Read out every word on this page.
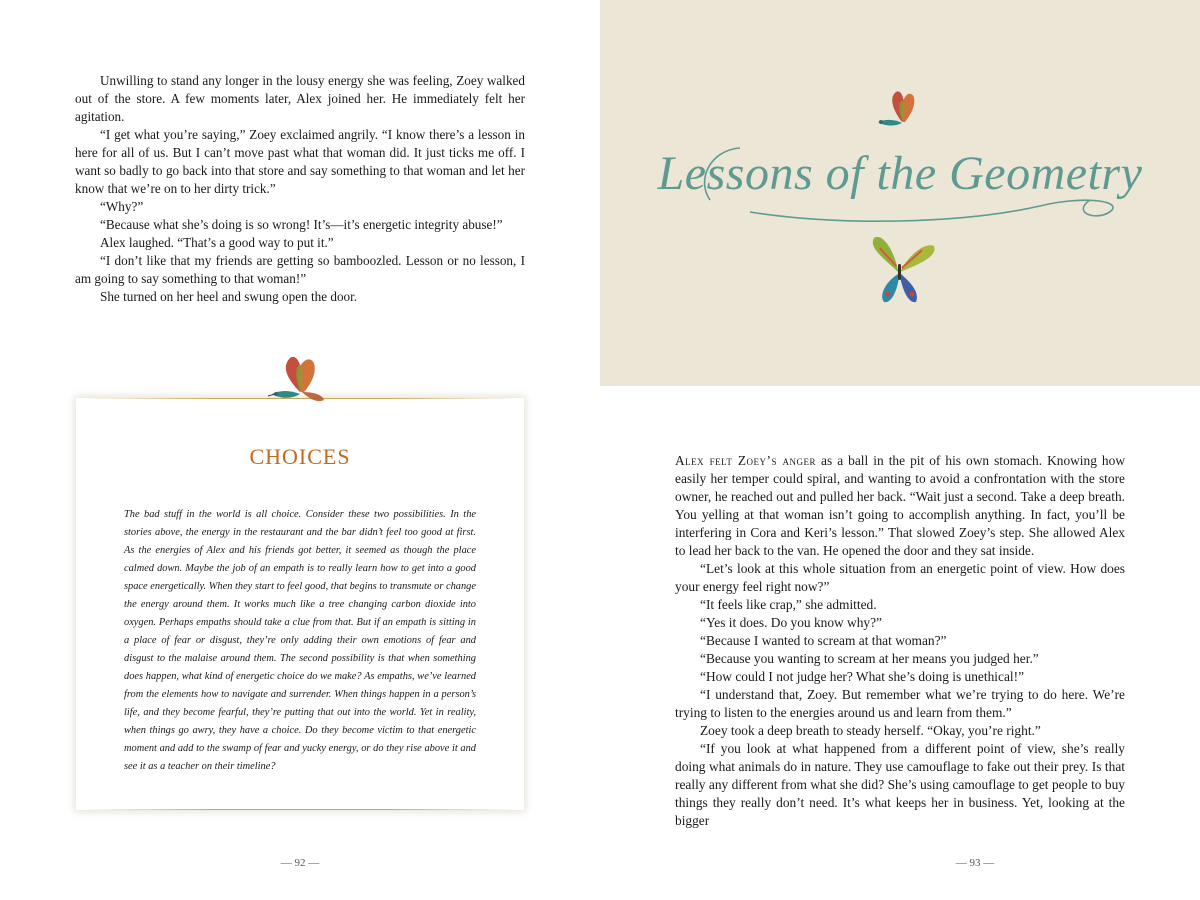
Unwilling to stand any longer in the lousy energy she was feeling, Zoey walked out of the store. A few moments later, Alex joined her. He immediately felt her agitation.

“I get what you’re saying,” Zoey exclaimed angrily. “I know there’s a lesson in here for all of us. But I can’t move past what that woman did. It just ticks me off. I want so badly to go back into that store and say something to that woman and let her know that we’re on to her dirty trick.”

“Why?”

“Because what she’s doing is so wrong! It’s—it’s energetic integrity abuse!”

Alex laughed. “That’s a good way to put it.”

“I don’t like that my friends are getting so bamboozled. Lesson or no lesson, I am going to say something to that woman!”

She turned on her heel and swung open the door.

CHOICES
The bad stuff in the world is all choice. Consider these two possibilities. In the stories above, the energy in the restaurant and the bar didn’t feel too good at first. As the energies of Alex and his friends got better, it seemed as though the place calmed down. Maybe the job of an empath is to really learn how to get into a good space energetically. When they start to feel good, that begins to transmute or change the energy around them. It works much like a tree changing carbon dioxide into oxygen. Perhaps empaths should take a clue from that. But if an empath is sitting in a place of fear or disgust, they’re only adding their own emotions of fear and disgust to the malaise around them. The second possibility is that when something does happen, what kind of energetic choice do we make? As empaths, we’ve learned from the elements how to navigate and surrender. When things happen in a person’s life, and they become fearful, they’re putting that out into the world. Yet in reality, when things go awry, they have a choice. Do they become victim to that energetic moment and add to the swamp of fear and yucky energy, or do they rise above it and see it as a teacher on their timeline?
— 92 —
Lessons of the Geometry

Alex felt Zoey’s anger as a ball in the pit of his own stomach. Knowing how easily her temper could spiral, and wanting to avoid a confrontation with the store owner, he reached out and pulled her back. “Wait just a second. Take a deep breath. You yelling at that woman isn’t going to accomplish anything. In fact, you’ll be interfering in Cora and Keri’s lesson.” That slowed Zoey’s step. She allowed Alex to lead her back to the van. He opened the door and they sat inside.

“Let’s look at this whole situation from an energetic point of view. How does your energy feel right now?”

“It feels like crap,” she admitted.

“Yes it does. Do you know why?”

“Because I wanted to scream at that woman?”

“Because you wanting to scream at her means you judged her.”

“How could I not judge her? What she’s doing is unethical!”

“I understand that, Zoey. But remember what we’re trying to do here. We’re trying to listen to the energies around us and learn from them.”

Zoey took a deep breath to steady herself. “Okay, you’re right.”

“If you look at what happened from a different point of view, she’s really doing what animals do in nature. They use camouflage to fake out their prey. Is that really any different from what she did? She’s using camouflage to get people to buy things they really don’t need. It’s what keeps her in business. Yet, looking at the bigger

— 93 —
